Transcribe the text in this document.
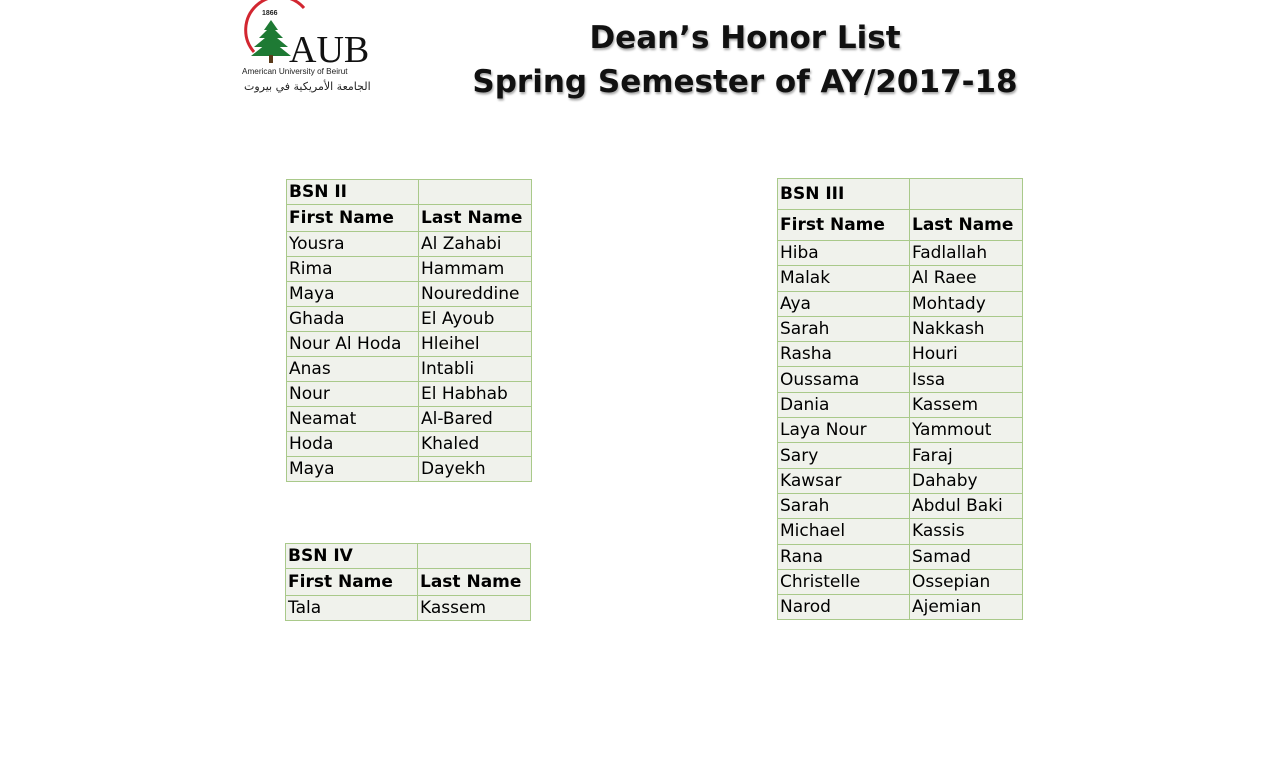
1866
AUB
American University of Beirut
الجامعة الأمريكية في بيروت
Dean’s Honor List
Spring Semester of AY/2017-18
BSN II	
First Name	Last Name
Yousra	Al Zahabi
Rima	Hammam
Maya	Noureddine
Ghada	El Ayoub
Nour Al Hoda	Hleihel
Anas	Intabli
Nour	El Habhab
Neamat	Al-Bared
Hoda	Khaled
Maya	Dayekh
BSN IV	
First Name	Last Name
Tala	Kassem
BSN III	
First Name	Last Name
Hiba	Fadlallah
Malak	Al Raee
Aya	Mohtady
Sarah	Nakkash
Rasha	Houri
Oussama	Issa
Dania	Kassem
Laya Nour	Yammout
Sary	Faraj
Kawsar	Dahaby
Sarah	Abdul Baki
Michael	Kassis
Rana	Samad
Christelle	Ossepian
Narod	Ajemian
